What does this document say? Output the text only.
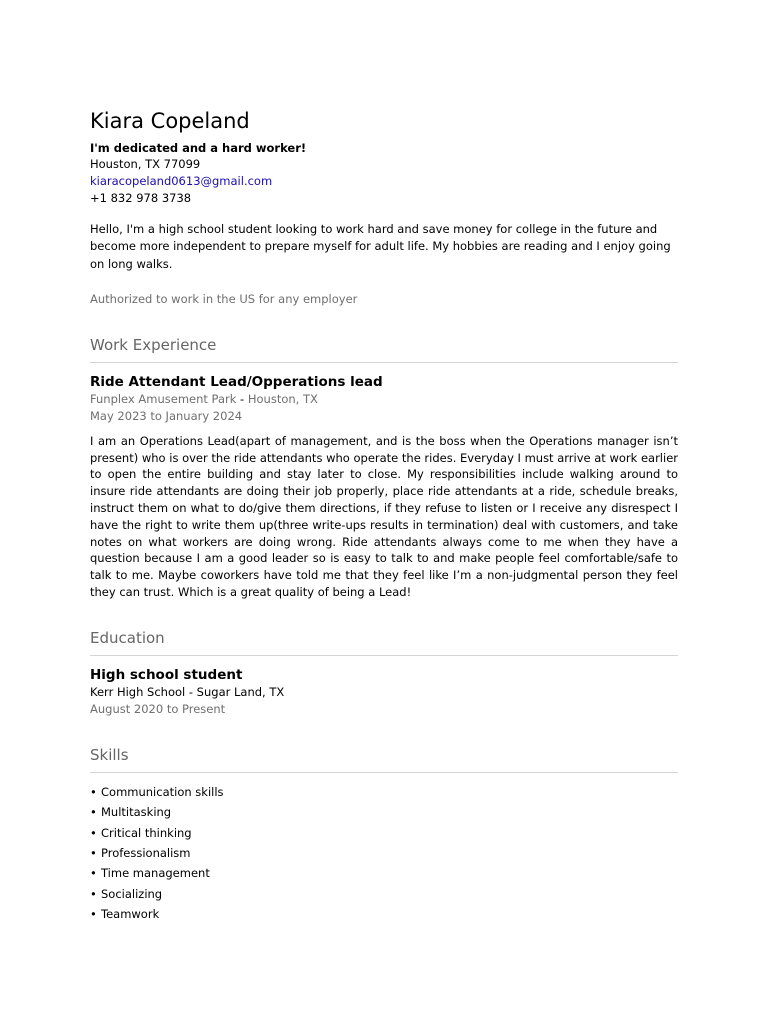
Kiara Copeland
I'm dedicated and a hard worker!
Houston, TX 77099
kiaracopeland0613@gmail.com
+1 832 978 3738
Hello, I'm a high school student looking to work hard and save money for college in the future and become more independent to prepare myself for adult life. My hobbies are reading and I enjoy going on long walks.
Authorized to work in the US for any employer
Work Experience
Ride Attendant Lead/Opperations lead
Funplex Amusement Park - Houston, TX
May 2023 to January 2024
I am an Operations Lead(apart of management, and is the boss when the Operations manager isn’t present) who is over the ride attendants who operate the rides. Everyday I must arrive at work earlier to open the entire building and stay later to close. My responsibilities include walking around to insure ride attendants are doing their job properly, place ride attendants at a ride, schedule breaks, instruct them on what to do/give them directions, if they refuse to listen or I receive any disrespect I have the right to write them up(three write-ups results in termination) deal with customers, and take notes on what workers are doing wrong. Ride attendants always come to me when they have a question because I am a good leader so is easy to talk to and make people feel comfortable/safe to talk to me. Maybe coworkers have told me that they feel like I’m a non-judgmental person they feel they can trust. Which is a great quality of being a Lead!
Education
High school student
Kerr High School - Sugar Land, TX
August 2020 to Present
Skills
• Communication skills
• Multitasking
• Critical thinking
• Professionalism
• Time management
• Socializing
• Teamwork
